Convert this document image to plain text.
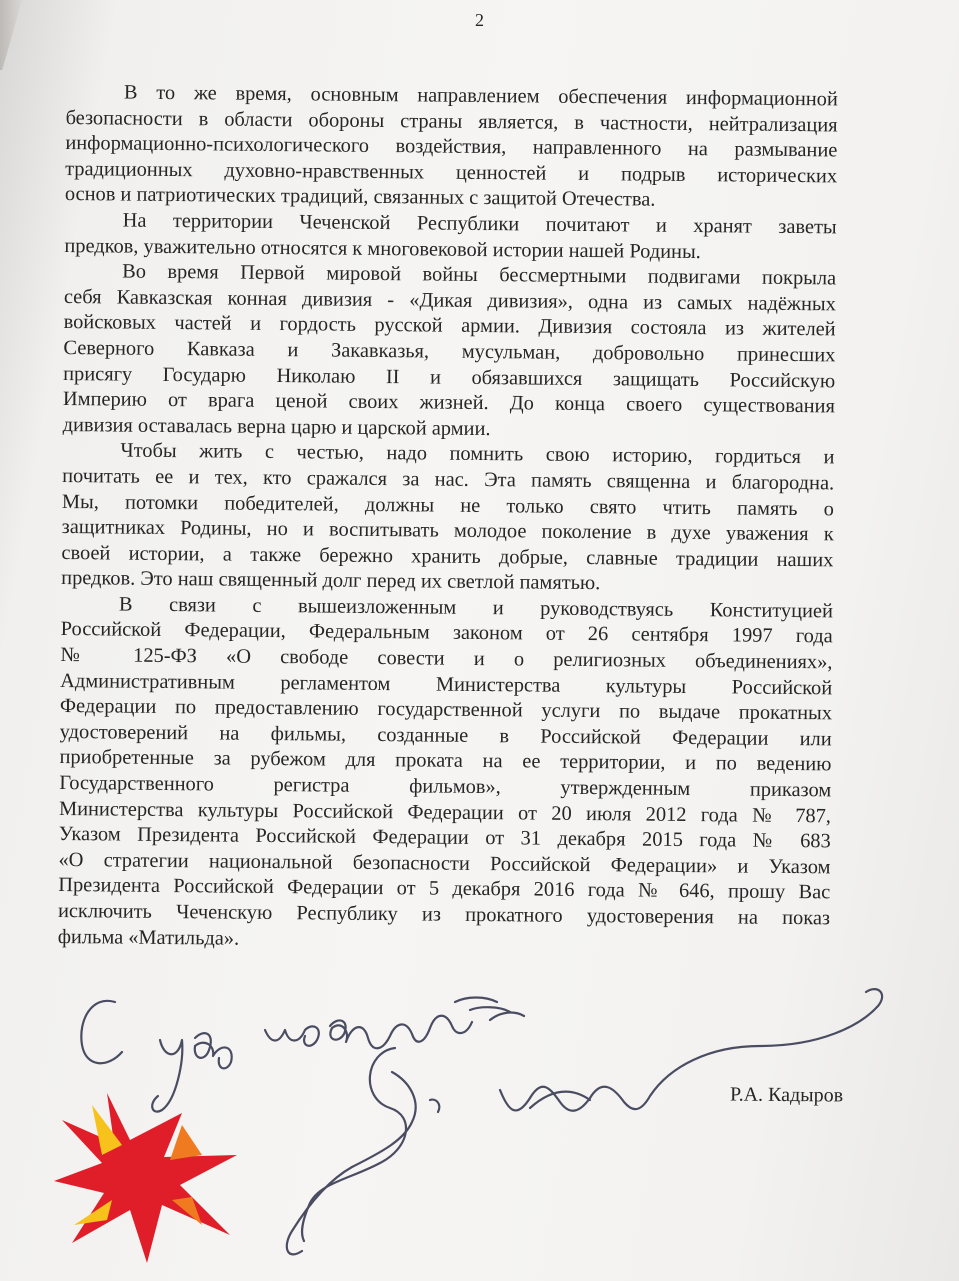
2
В то же время, основным направлением обеспечения информационной
безопасности в области обороны страны является, в частности, нейтрализация
информационно-психологического воздействия, направленного на размывание
традиционных духовно-нравственных ценностей и подрыв исторических
основ и патриотических традиций, связанных с защитой Отечества.
На территории Чеченской Республики почитают и хранят заветы
предков, уважительно относятся к многовековой истории нашей Родины.
Во время Первой мировой войны бессмертными подвигами покрыла
себя Кавказская конная дивизия - «Дикая дивизия», одна из самых надёжных
войсковых частей и гордость русской армии. Дивизия состояла из жителей
Северного Кавказа и Закавказья, мусульман, добровольно принесших
присягу Государю Николаю II и обязавшихся защищать Российскую
Империю от врага ценой своих жизней. До конца своего существования
дивизия оставалась верна царю и царской армии.
Чтобы жить с честью, надо помнить свою историю, гордиться и
почитать ее и тех, кто сражался за нас. Эта память священна и благородна.
Мы, потомки победителей, должны не только свято чтить память о
защитниках Родины, но и воспитывать молодое поколение в духе уважения к
своей истории, а также бережно хранить добрые, славные традиции наших
предков. Это наш священный долг перед их светлой памятью.
В связи с вышеизложенным и руководствуясь Конституцией
Российской Федерации, Федеральным законом от 26 сентября 1997 года
№ 125-ФЗ «О свободе совести и о религиозных объединениях»,
Административным регламентом Министерства культуры Российской
Федерации по предоставлению государственной услуги по выдаче прокатных
удостоверений на фильмы, созданные в Российской Федерации или
приобретенные за рубежом для проката на ее территории, и по ведению
Государственного регистра фильмов», утвержденным приказом
Министерства культуры Российской Федерации от 20 июля 2012 года № 787,
Указом Президента Российской Федерации от 31 декабря 2015 года № 683
«О стратегии национальной безопасности Российской Федерации» и Указом
Президента Российской Федерации от 5 декабря 2016 года № 646, прошу Вас
исключить Чеченскую Республику из прокатного удостоверения на показ
фильма «Матильда».
Р.А. Кадыров
